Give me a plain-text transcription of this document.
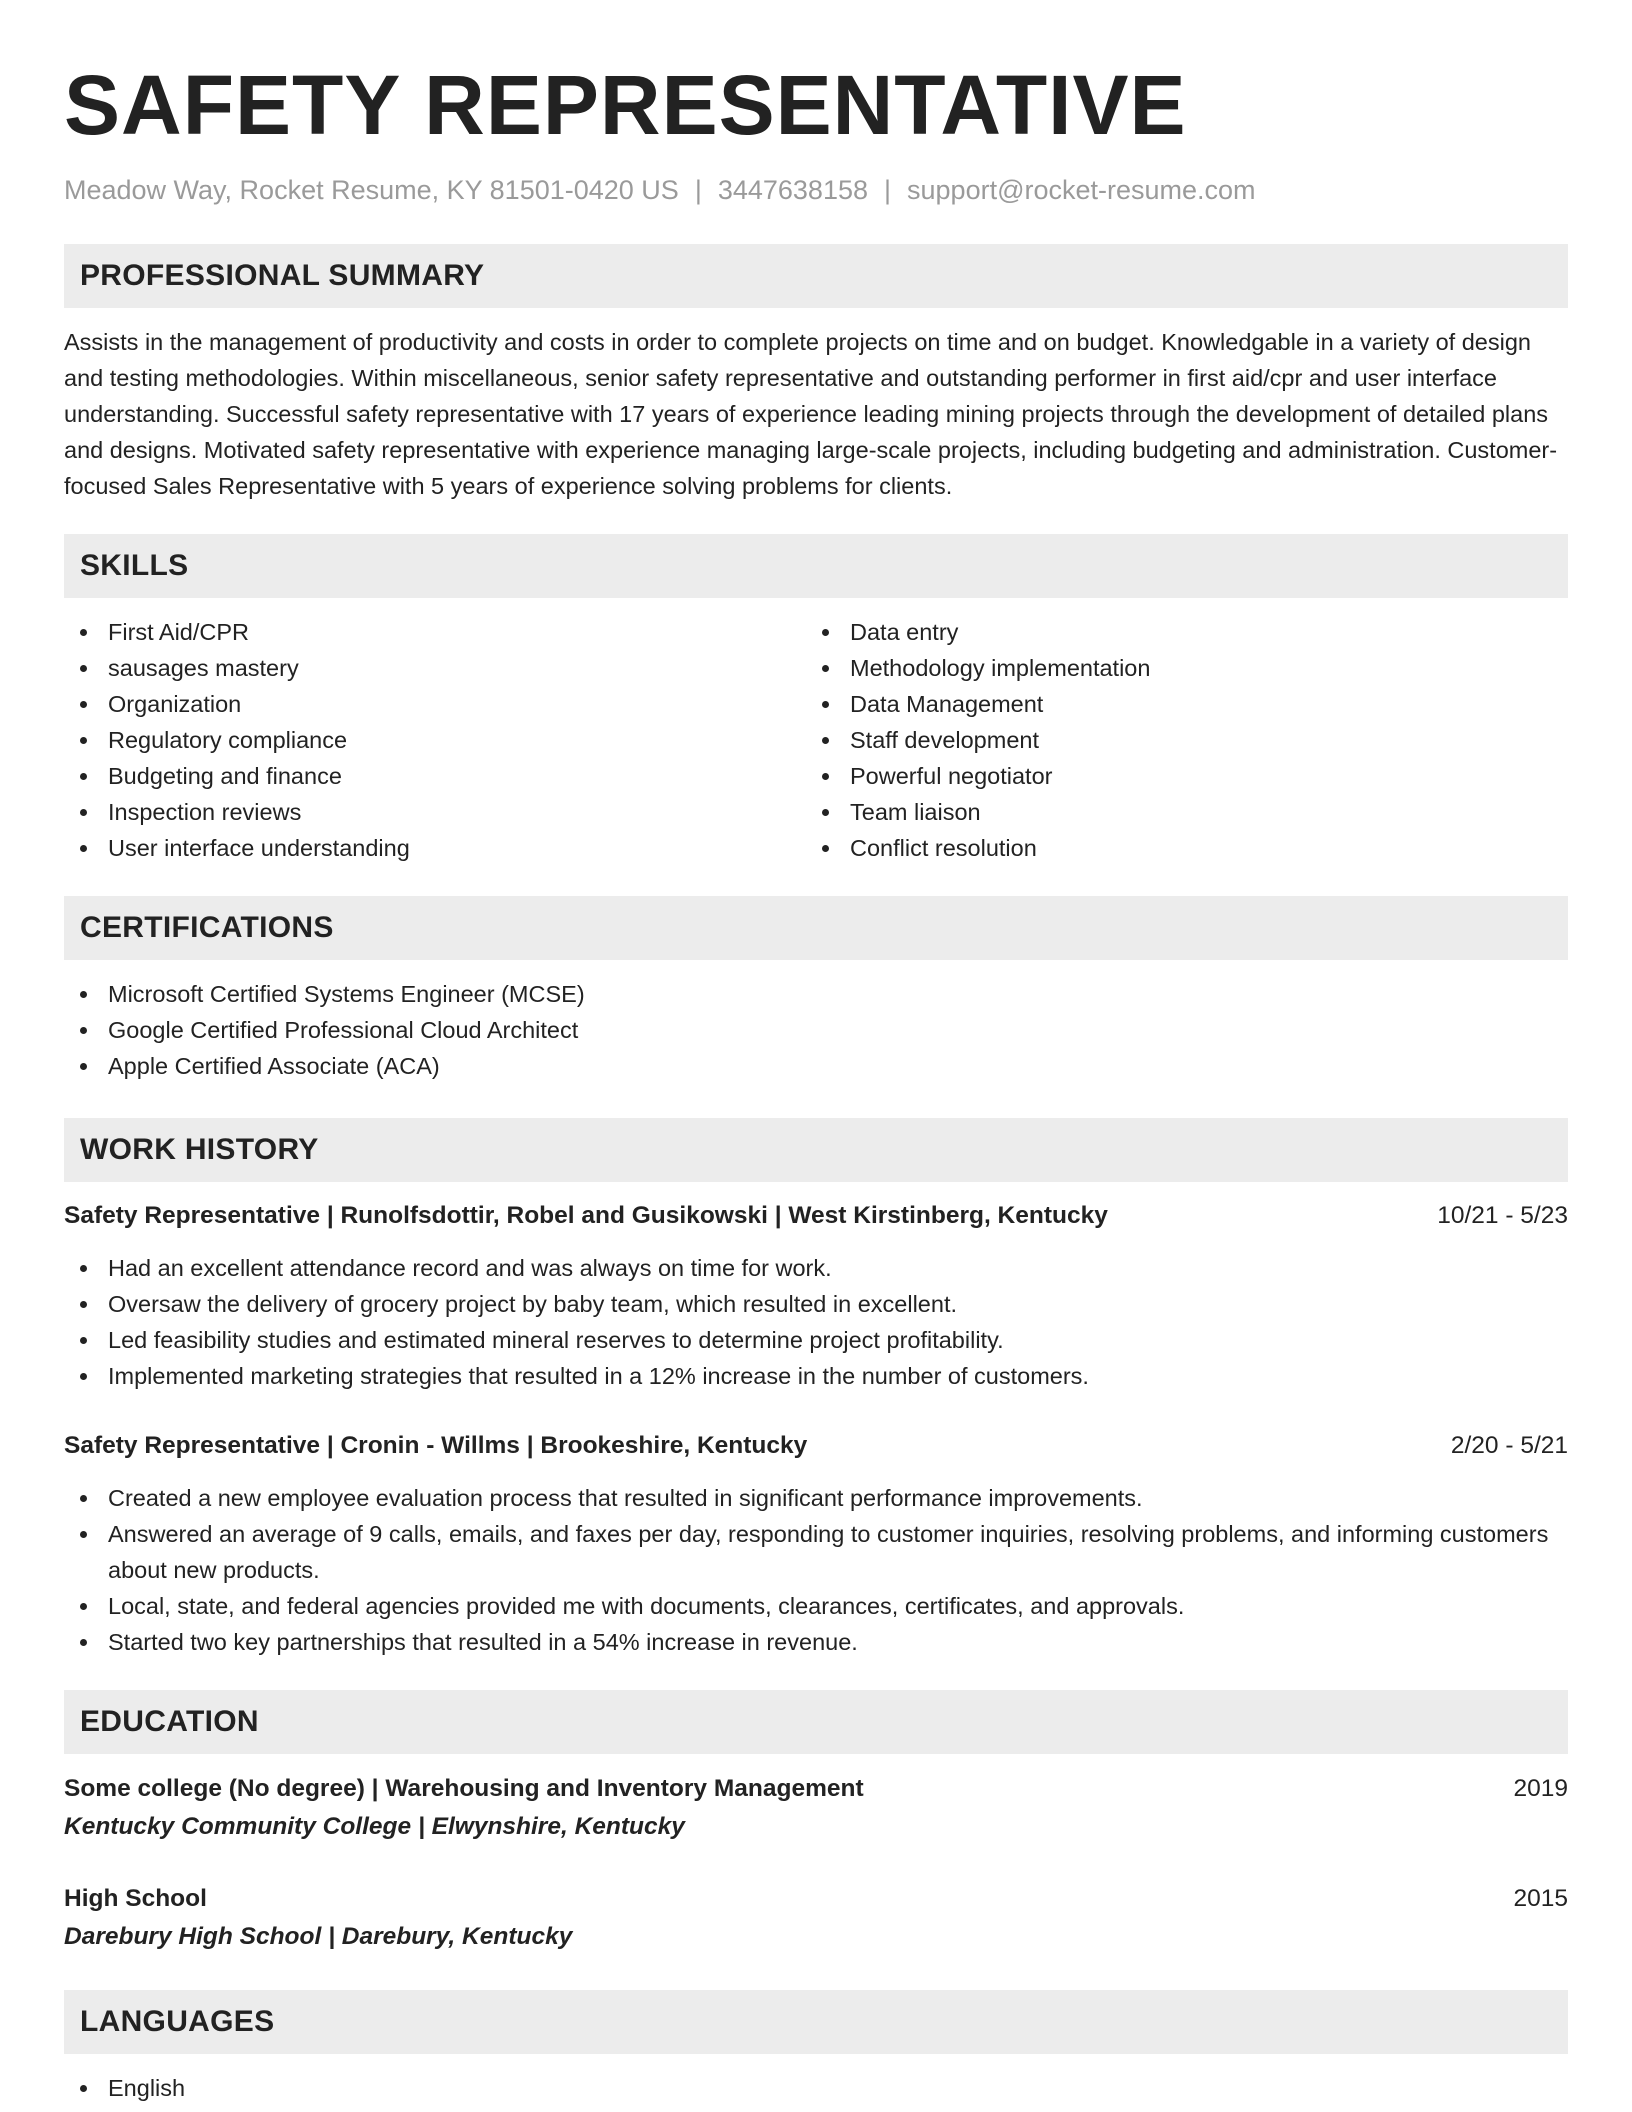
SAFETY REPRESENTATIVE
Meadow Way, Rocket Resume, KY 81501-0420 US | 3447638158 | support@rocket-resume.com
PROFESSIONAL SUMMARY

Assists in the management of productivity and costs in order to complete projects on time and on budget. Knowledgable in a variety of design and testing methodologies. Within miscellaneous, senior safety representative and outstanding performer in first aid/cpr and user interface understanding. Successful safety representative with 17 years of experience leading mining projects through the development of detailed plans and designs. Motivated safety representative with experience managing large-scale projects, including budgeting and administration. Customer-focused Sales Representative with 5 years of experience solving problems for clients.

SKILLS
First Aid/CPR
sausages mastery
Organization
Regulatory compliance
Budgeting and finance
Inspection reviews
User interface understanding
Data entry
Methodology implementation
Data Management
Staff development
Powerful negotiator
Team liaison
Conflict resolution
CERTIFICATIONS
Microsoft Certified Systems Engineer (MCSE)
Google Certified Professional Cloud Architect
Apple Certified Associate (ACA)
WORK HISTORY
Safety Representative | Runolfsdottir, Robel and Gusikowski | West Kirstinberg, Kentucky	10/21 - 5/23
Had an excellent attendance record and was always on time for work.
Oversaw the delivery of grocery project by baby team, which resulted in excellent.
Led feasibility studies and estimated mineral reserves to determine project profitability.
Implemented marketing strategies that resulted in a 12% increase in the number of customers.
Safety Representative | Cronin - Willms | Brookeshire, Kentucky	2/20 - 5/21
Created a new employee evaluation process that resulted in significant performance improvements.
Answered an average of 9 calls, emails, and faxes per day, responding to customer inquiries, resolving problems, and informing customers about new products.
Local, state, and federal agencies provided me with documents, clearances, certificates, and approvals.
Started two key partnerships that resulted in a 54% increase in revenue.
EDUCATION
Some college (No degree) | Warehousing and Inventory Management	2019
Kentucky Community College | Elwynshire, Kentucky
High School	2015
Darebury High School | Darebury, Kentucky
LANGUAGES
English
